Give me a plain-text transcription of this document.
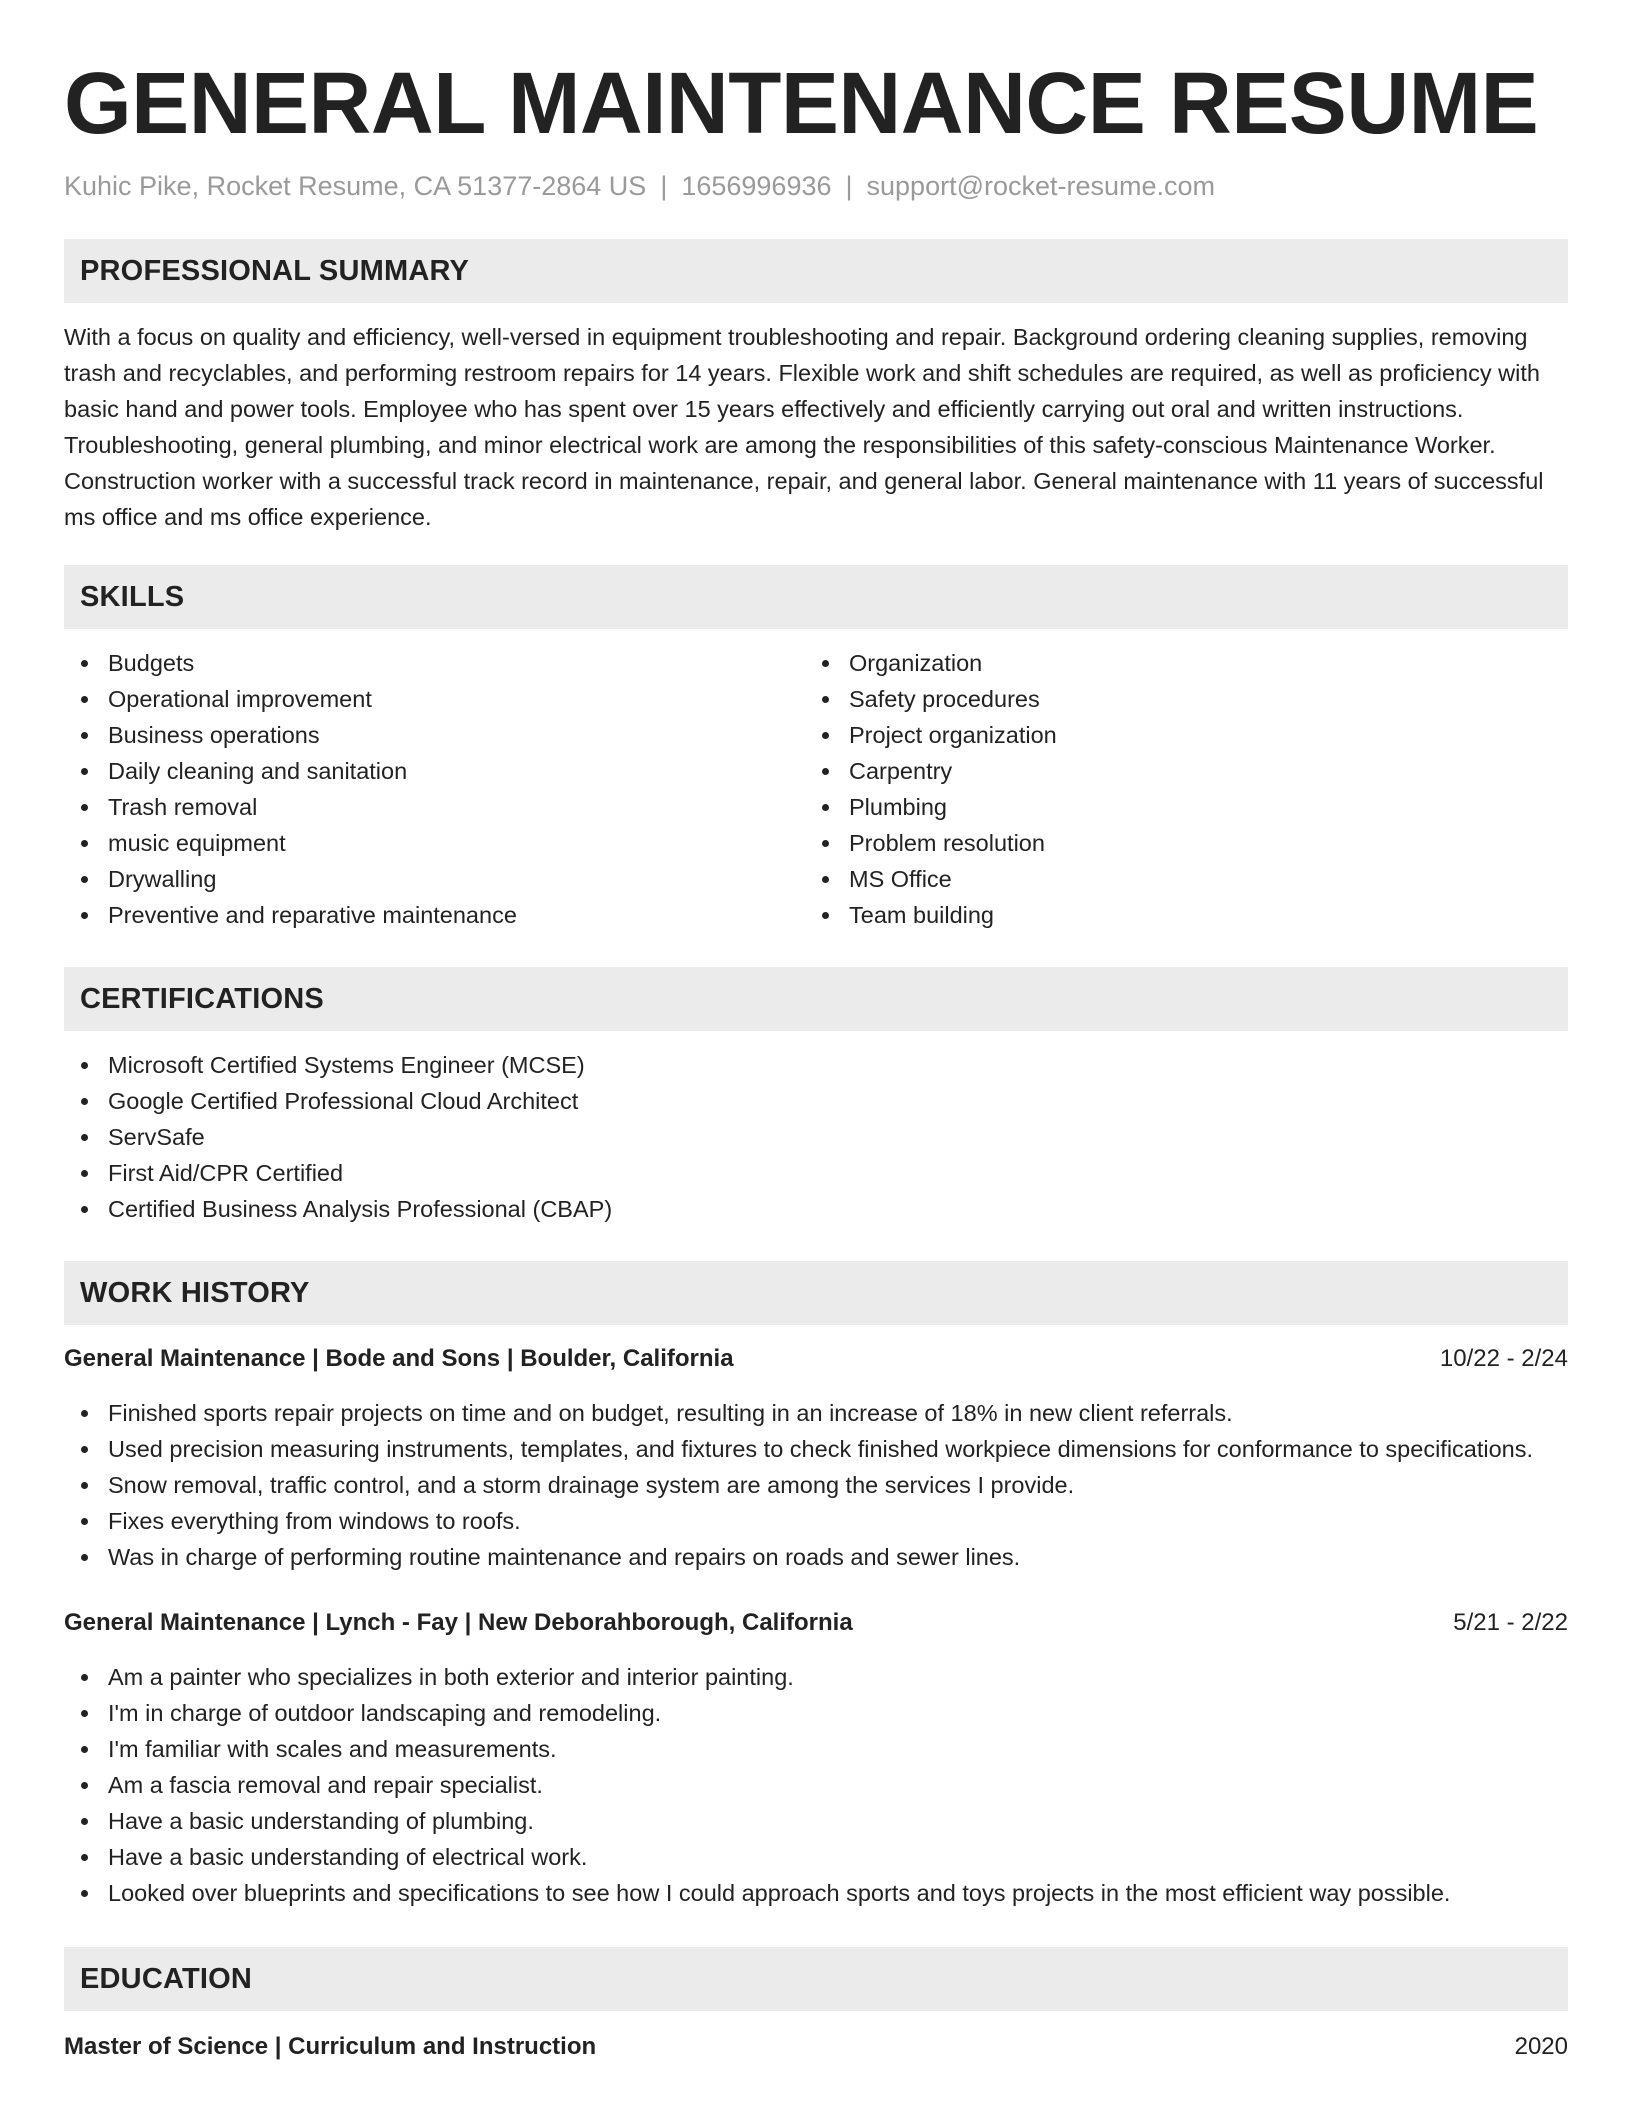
GENERAL MAINTENANCE RESUME
Kuhic Pike, Rocket Resume, CA 51377-2864 US | 1656996936 | support@rocket-resume.com
PROFESSIONAL SUMMARY

With a focus on quality and efficiency, well-versed in equipment troubleshooting and repair. Background ordering cleaning supplies, removing trash and recyclables, and performing restroom repairs for 14 years. Flexible work and shift schedules are required, as well as proficiency with basic hand and power tools. Employee who has spent over 15 years effectively and efficiently carrying out oral and written instructions. Troubleshooting, general plumbing, and minor electrical work are among the responsibilities of this safety-conscious Maintenance Worker. Construction worker with a successful track record in maintenance, repair, and general labor. General maintenance with 11 years of successful ms office and ms office experience.

SKILLS
Budgets
Operational improvement
Business operations
Daily cleaning and sanitation
Trash removal
music equipment
Drywalling
Preventive and reparative maintenance
Organization
Safety procedures
Project organization
Carpentry
Plumbing
Problem resolution
MS Office
Team building
CERTIFICATIONS
Microsoft Certified Systems Engineer (MCSE)
Google Certified Professional Cloud Architect
ServSafe
First Aid/CPR Certified
Certified Business Analysis Professional (CBAP)
WORK HISTORY
General Maintenance | Bode and Sons | Boulder, California	10/22 - 2/24
Finished sports repair projects on time and on budget, resulting in an increase of 18% in new client referrals.
Used precision measuring instruments, templates, and fixtures to check finished workpiece dimensions for conformance to specifications.
Snow removal, traffic control, and a storm drainage system are among the services I provide.
Fixes everything from windows to roofs.
Was in charge of performing routine maintenance and repairs on roads and sewer lines.
General Maintenance | Lynch - Fay | New Deborahborough, California	5/21 - 2/22
Am a painter who specializes in both exterior and interior painting.
I'm in charge of outdoor landscaping and remodeling.
I'm familiar with scales and measurements.
Am a fascia removal and repair specialist.
Have a basic understanding of plumbing.
Have a basic understanding of electrical work.
Looked over blueprints and specifications to see how I could approach sports and toys projects in the most efficient way possible.
EDUCATION
Master of Science | Curriculum and Instruction	2020
